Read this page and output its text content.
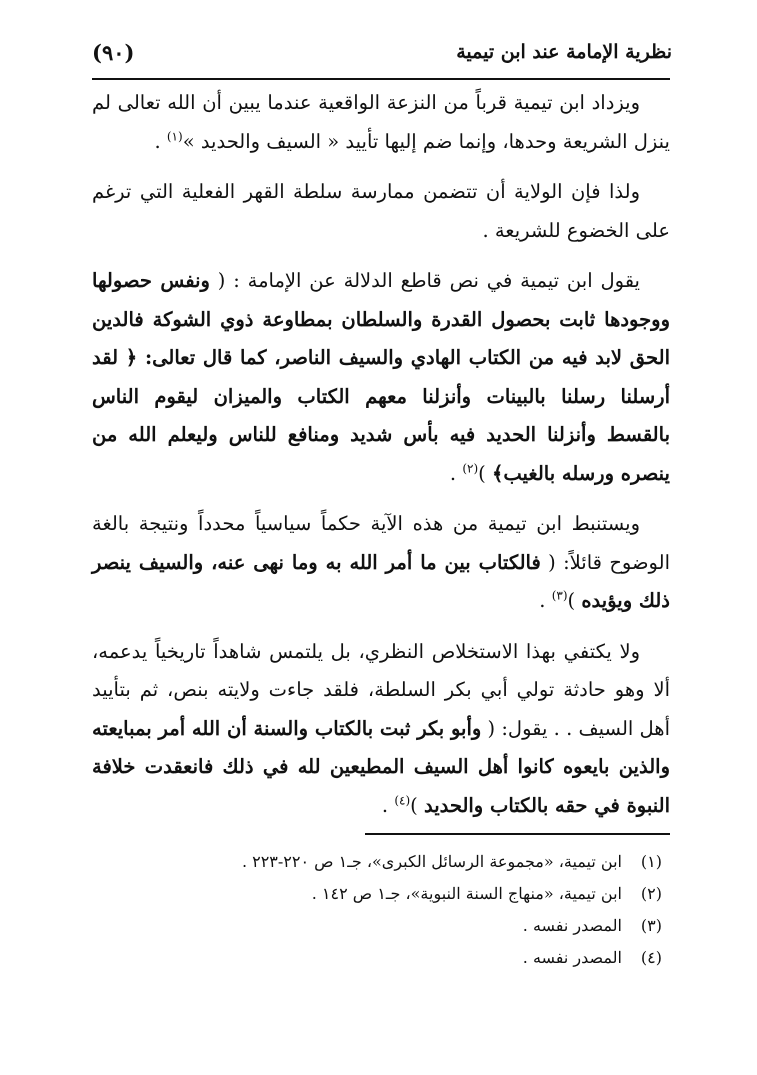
نظرية الإمامة عند ابن تيمية
(٩٠)

ويزداد ابن تيمية قرباً من النزعة الواقعية عندما يبين أن الله تعالى لم ينزل الشريعة وحدها، وإنما ضم إليها تأييد « السيف والحديد »$^{(١)}$ .

ولذا فإن الولاية أن تتضمن ممارسة سلطة القهر الفعلية التي ترغم على الخضوع للشريعة .

يقول ابن تيمية في نص قاطع الدلالة عن الإمامة : ( ونفس حصولها ووجودها ثابت بحصول القدرة والسلطان بمطاوعة ذوي الشوكة فالدين الحق لابد فيه من الكتاب الهادي والسيف الناصر، كما قال تعالى: ﴿ لقد أرسلنا رسلنا بالبينات وأنزلنا معهم الكتاب والميزان ليقوم الناس بالقسط وأنزلنا الحديد فيه بأس شديد ومنافع للناس وليعلم الله من ينصره ورسله بالغيب﴾ )$^{(٢)}$ .

ويستنبط ابن تيمية من هذه الآية حكماً سياسياً محدداً ونتيجة بالغة الوضوح قائلاً: ( فالكتاب بين ما أمر الله به وما نهى عنه، والسيف ينصر ذلك ويؤيده )$^{(٣)}$ .

ولا يكتفي بهذا الاستخلاص النظري، بل يلتمس شاهداً تاريخياً يدعمه، ألا وهو حادثة تولي أبي بكر السلطة، فلقد جاءت ولايته بنص، ثم بتأييد أهل السيف . . يقول: ( وأبو بكر ثبت بالكتاب والسنة أن الله أمر بمبايعته والذين بايعوه كانوا أهل السيف المطيعين لله في ذلك فانعقدت خلافة النبوة في حقه بالكتاب والحديد )$^{(٤)}$ .

(١)
ابن تيمية، «مجموعة الرسائل الكبرى»، جـ١ ص ٢٢٠-٢٢٣ .
(٢)
ابن تيمية، «منهاج السنة النبوية»، جـ١ ص ١٤٢ .
(٣)
المصدر نفسه .
(٤)
المصدر نفسه .
